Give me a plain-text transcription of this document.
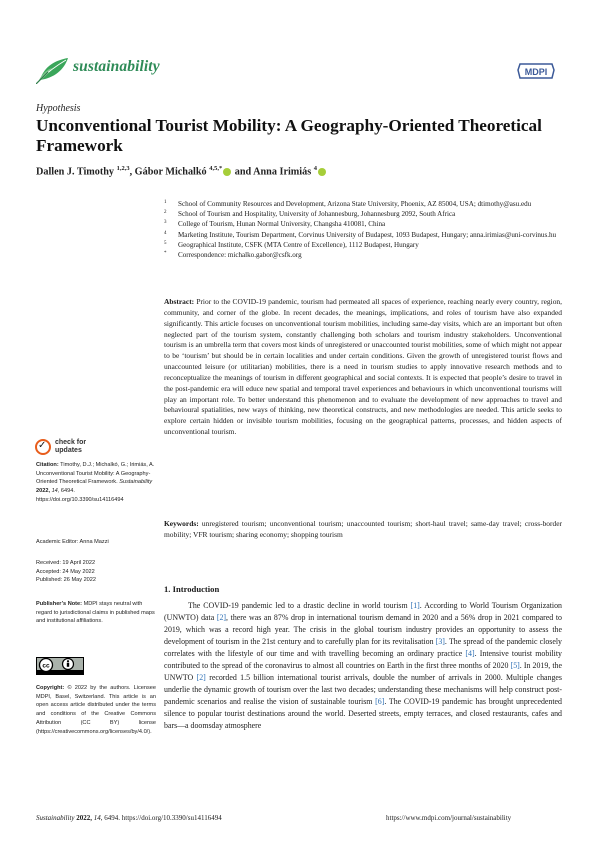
sustainability	MDPI
Hypothesis
Unconventional Tourist Mobility: A Geography-Oriented Theoretical Framework
Dallen J. Timothy $^{1,2,3}$, Gábor Michalkó $^{4,5,*}$ and Anna Irimiás $^4$
1	School of Community Resources and Development, Arizona State University, Phoenix, AZ 85004, USA; dtimothy@asu.edu
2	School of Tourism and Hospitality, University of Johannesburg, Johannesburg 2092, South Africa
3	College of Tourism, Hunan Normal University, Changsha 410081, China
4	Marketing Institute, Tourism Department, Corvinus University of Budapest, 1093 Budapest, Hungary; anna.irimias@uni-corvinus.hu
5	Geographical Institute, CSFK (MTA Centre of Excellence), 1112 Budapest, Hungary
*	Correspondence: michalko.gabor@csfk.org
Abstract: Prior to the COVID-19 pandemic, tourism had permeated all spaces of experience, reaching nearly every country, region, community, and corner of the globe. In recent decades, the meanings, implications, and roles of tourism have also expanded significantly. This article focuses on unconventional tourism mobilities, including same-day visits, which are an important but often neglected part of the tourism system, constantly challenging both scholars and tourism industry stakeholders. Unconventional tourism is an umbrella term that covers most kinds of unregistered or unaccounted tourist mobilities, some of which might not appear to be ‘tourism’ but should be in certain localities and under certain conditions. Given the growth of unregistered tourist flows and unaccounted leisure (or utilitarian) mobilities, there is a need in tourism studies to apply innovative research methods and to reconceptualize the meanings of tourism in different geographical and social contexts. It is expected that people’s desire to travel in the post-pandemic era will educe new spatial and temporal travel experiences and behaviours in which unconventional tourisms will play an important role. To better understand this phenomenon and to evaluate the development of new approaches to travel and behavioural spatialities, new ways of thinking, new theoretical constructs, and new methodologies are needed. This article seeks to explore certain hidden or invisible tourism mobilities, focusing on the geographical patterns, processes, and hidden aspects of unconventional tourism.
Keywords: unregistered tourism; unconventional tourism; unaccounted tourism; short-haul travel; same-day travel; cross-border mobility; VFR tourism; sharing economy; shopping tourism
✓ check for updates
Citation: Timothy, D.J.; Michalkó, G.; Irimiás, A. Unconventional Tourist Mobility: A Geography-Oriented Theoretical Framework. Sustainability 2022, 14, 6494. https://doi.org/10.3390/su14116494
Academic Editor: Anna Mazzi
Received: 19 April 2022
Accepted: 24 May 2022
Published: 26 May 2022
Publisher’s Note: MDPI stays neutral with regard to jurisdictional claims in published maps and institutional affiliations.
cc
Copyright: © 2022 by the authors. Licensee MDPI, Basel, Switzerland. This article is an open access article distributed under the terms and conditions of the Creative Commons Attribution (CC BY) license (https://creativecommons.org/licenses/by/4.0/).
1. Introduction
The COVID-19 pandemic led to a drastic decline in world tourism [1]. According to World Tourism Organization (UNWTO) data [2], there was an 87% drop in international tourism demand in 2020 and a 56% drop in 2021 compared to 2019, which was a record high year. The crisis in the global tourism industry provides an opportunity to assess the development of tourism in the 21st century and to carefully plan for its revitalisation [3]. The spread of the pandemic closely correlates with the lifestyle of our time and with travelling becoming an ordinary practice [4]. Intensive tourist mobility contributed to the spread of the coronavirus to almost all countries on Earth in the first three months of 2020 [5]. In 2019, the UNWTO [2] recorded 1.5 billion international tourist arrivals, double the number of arrivals in 2000. Multiple changes underlie the dynamic growth of tourism over the last two decades; understanding these mechanisms will help construct post-pandemic scenarios and realise the vision of sustainable tourism [6]. The COVID-19 pandemic has brought unprecedented silence to popular tourist destinations around the world. Deserted streets, empty terraces, and closed restaurants, cafes and bars—a doomsday atmosphere
Sustainability 2022, 14, 6494. https://doi.org/10.3390/su14116494	https://www.mdpi.com/journal/sustainability
